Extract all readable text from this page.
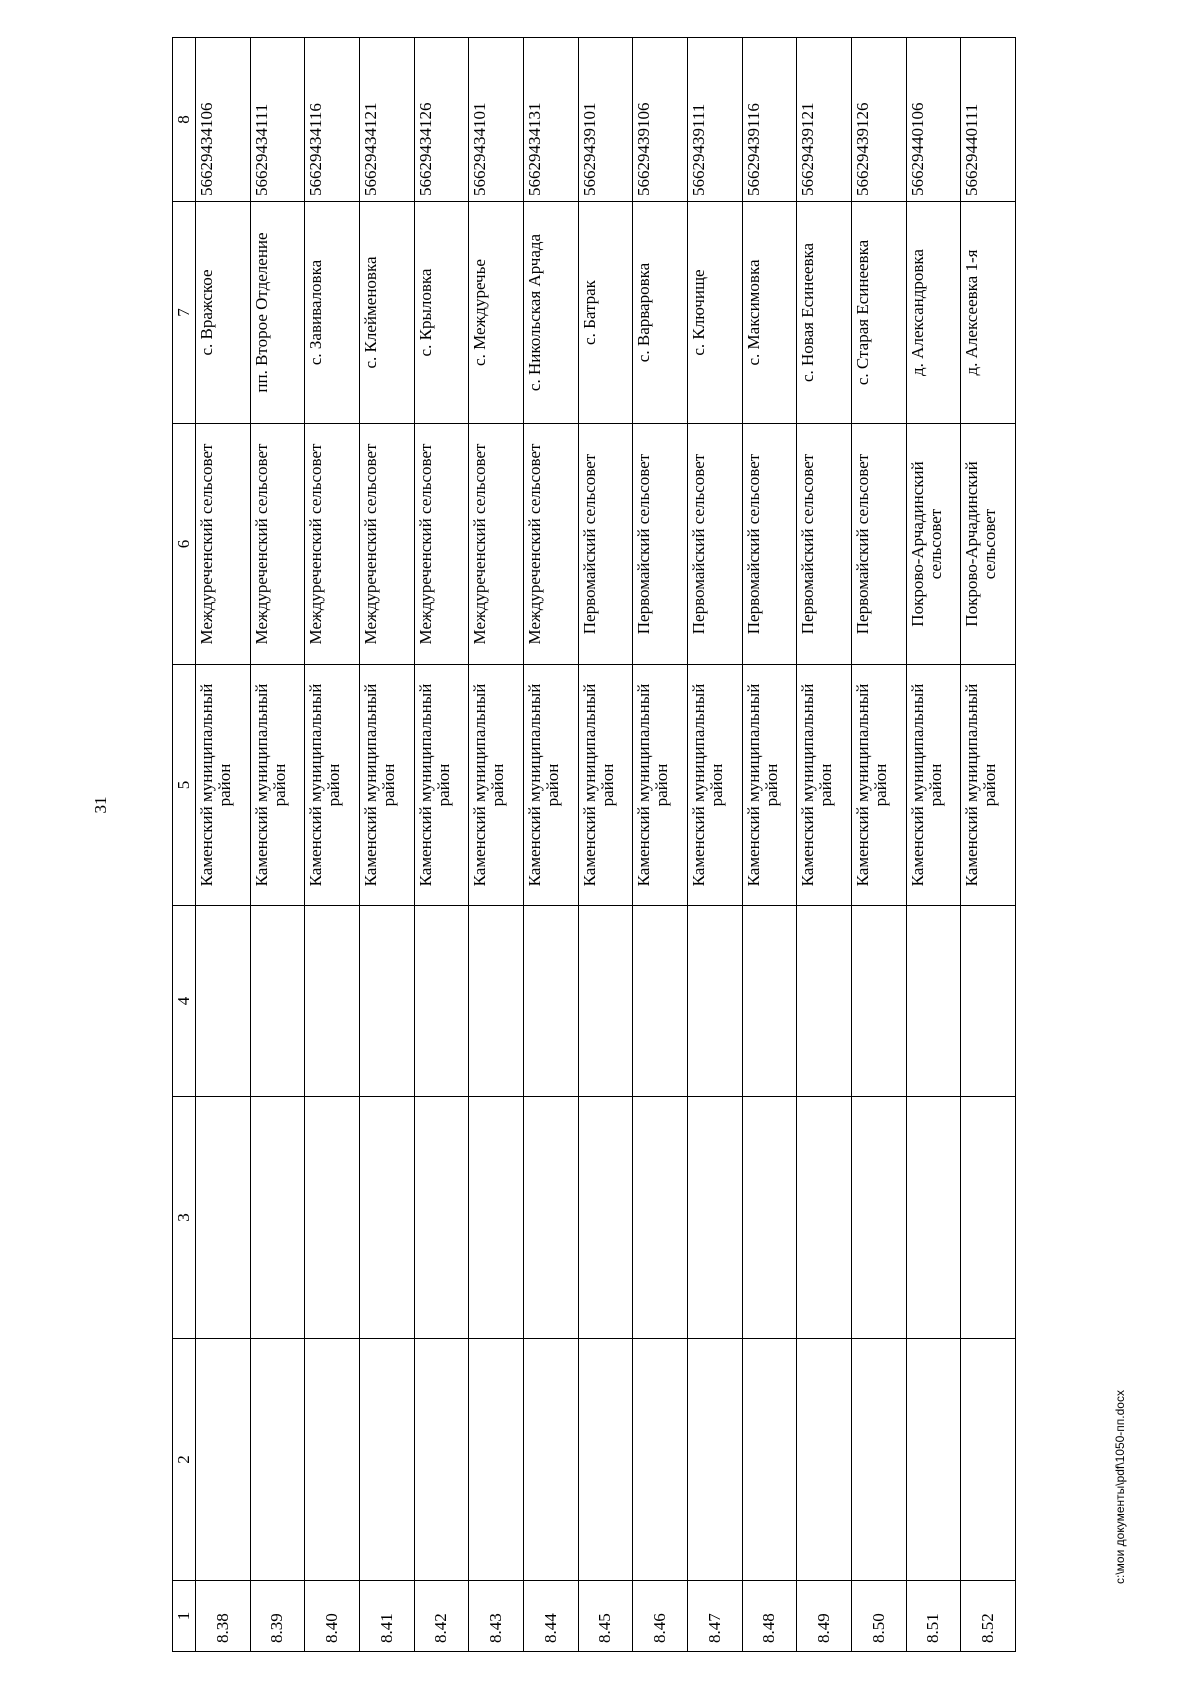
31
1	2	3	4	5	6	7	8
8.38				Каменский муниципальный район	Междуреченский сельсовет	с. Вражское	56629434106
8.39				Каменский муниципальный район	Междуреченский сельсовет	пп. Второе Отделение	56629434111
8.40				Каменский муниципальный район	Междуреченский сельсовет	с. Завиваловка	56629434116
8.41				Каменский муниципальный район	Междуреченский сельсовет	с. Клейменовка	56629434121
8.42				Каменский муниципальный район	Междуреченский сельсовет	с. Крыловка	56629434126
8.43				Каменский муниципальный район	Междуреченский сельсовет	с. Междуречье	56629434101
8.44				Каменский муниципальный район	Междуреченский сельсовет	с. Никольская Арчада	56629434131
8.45				Каменский муниципальный район	Первомайский сельсовет	с. Батрак	56629439101
8.46				Каменский муниципальный район	Первомайский сельсовет	с. Варваровка	56629439106
8.47				Каменский муниципальный район	Первомайский сельсовет	с. Ключище	56629439111
8.48				Каменский муниципальный район	Первомайский сельсовет	с. Максимовка	56629439116
8.49				Каменский муниципальный район	Первомайский сельсовет	с. Новая Есинеевка	56629439121
8.50				Каменский муниципальный район	Первомайский сельсовет	с. Старая Есинеевка	56629439126
8.51				Каменский муниципальный район	Покрово-Арчадинский сельсовет	д. Александровка	56629440106
8.52				Каменский муниципальный район	Покрово-Арчадинский сельсовет	д. Алексеевка 1-я	56629440111
c:\мои документы\pdf\1050-пп.docx
